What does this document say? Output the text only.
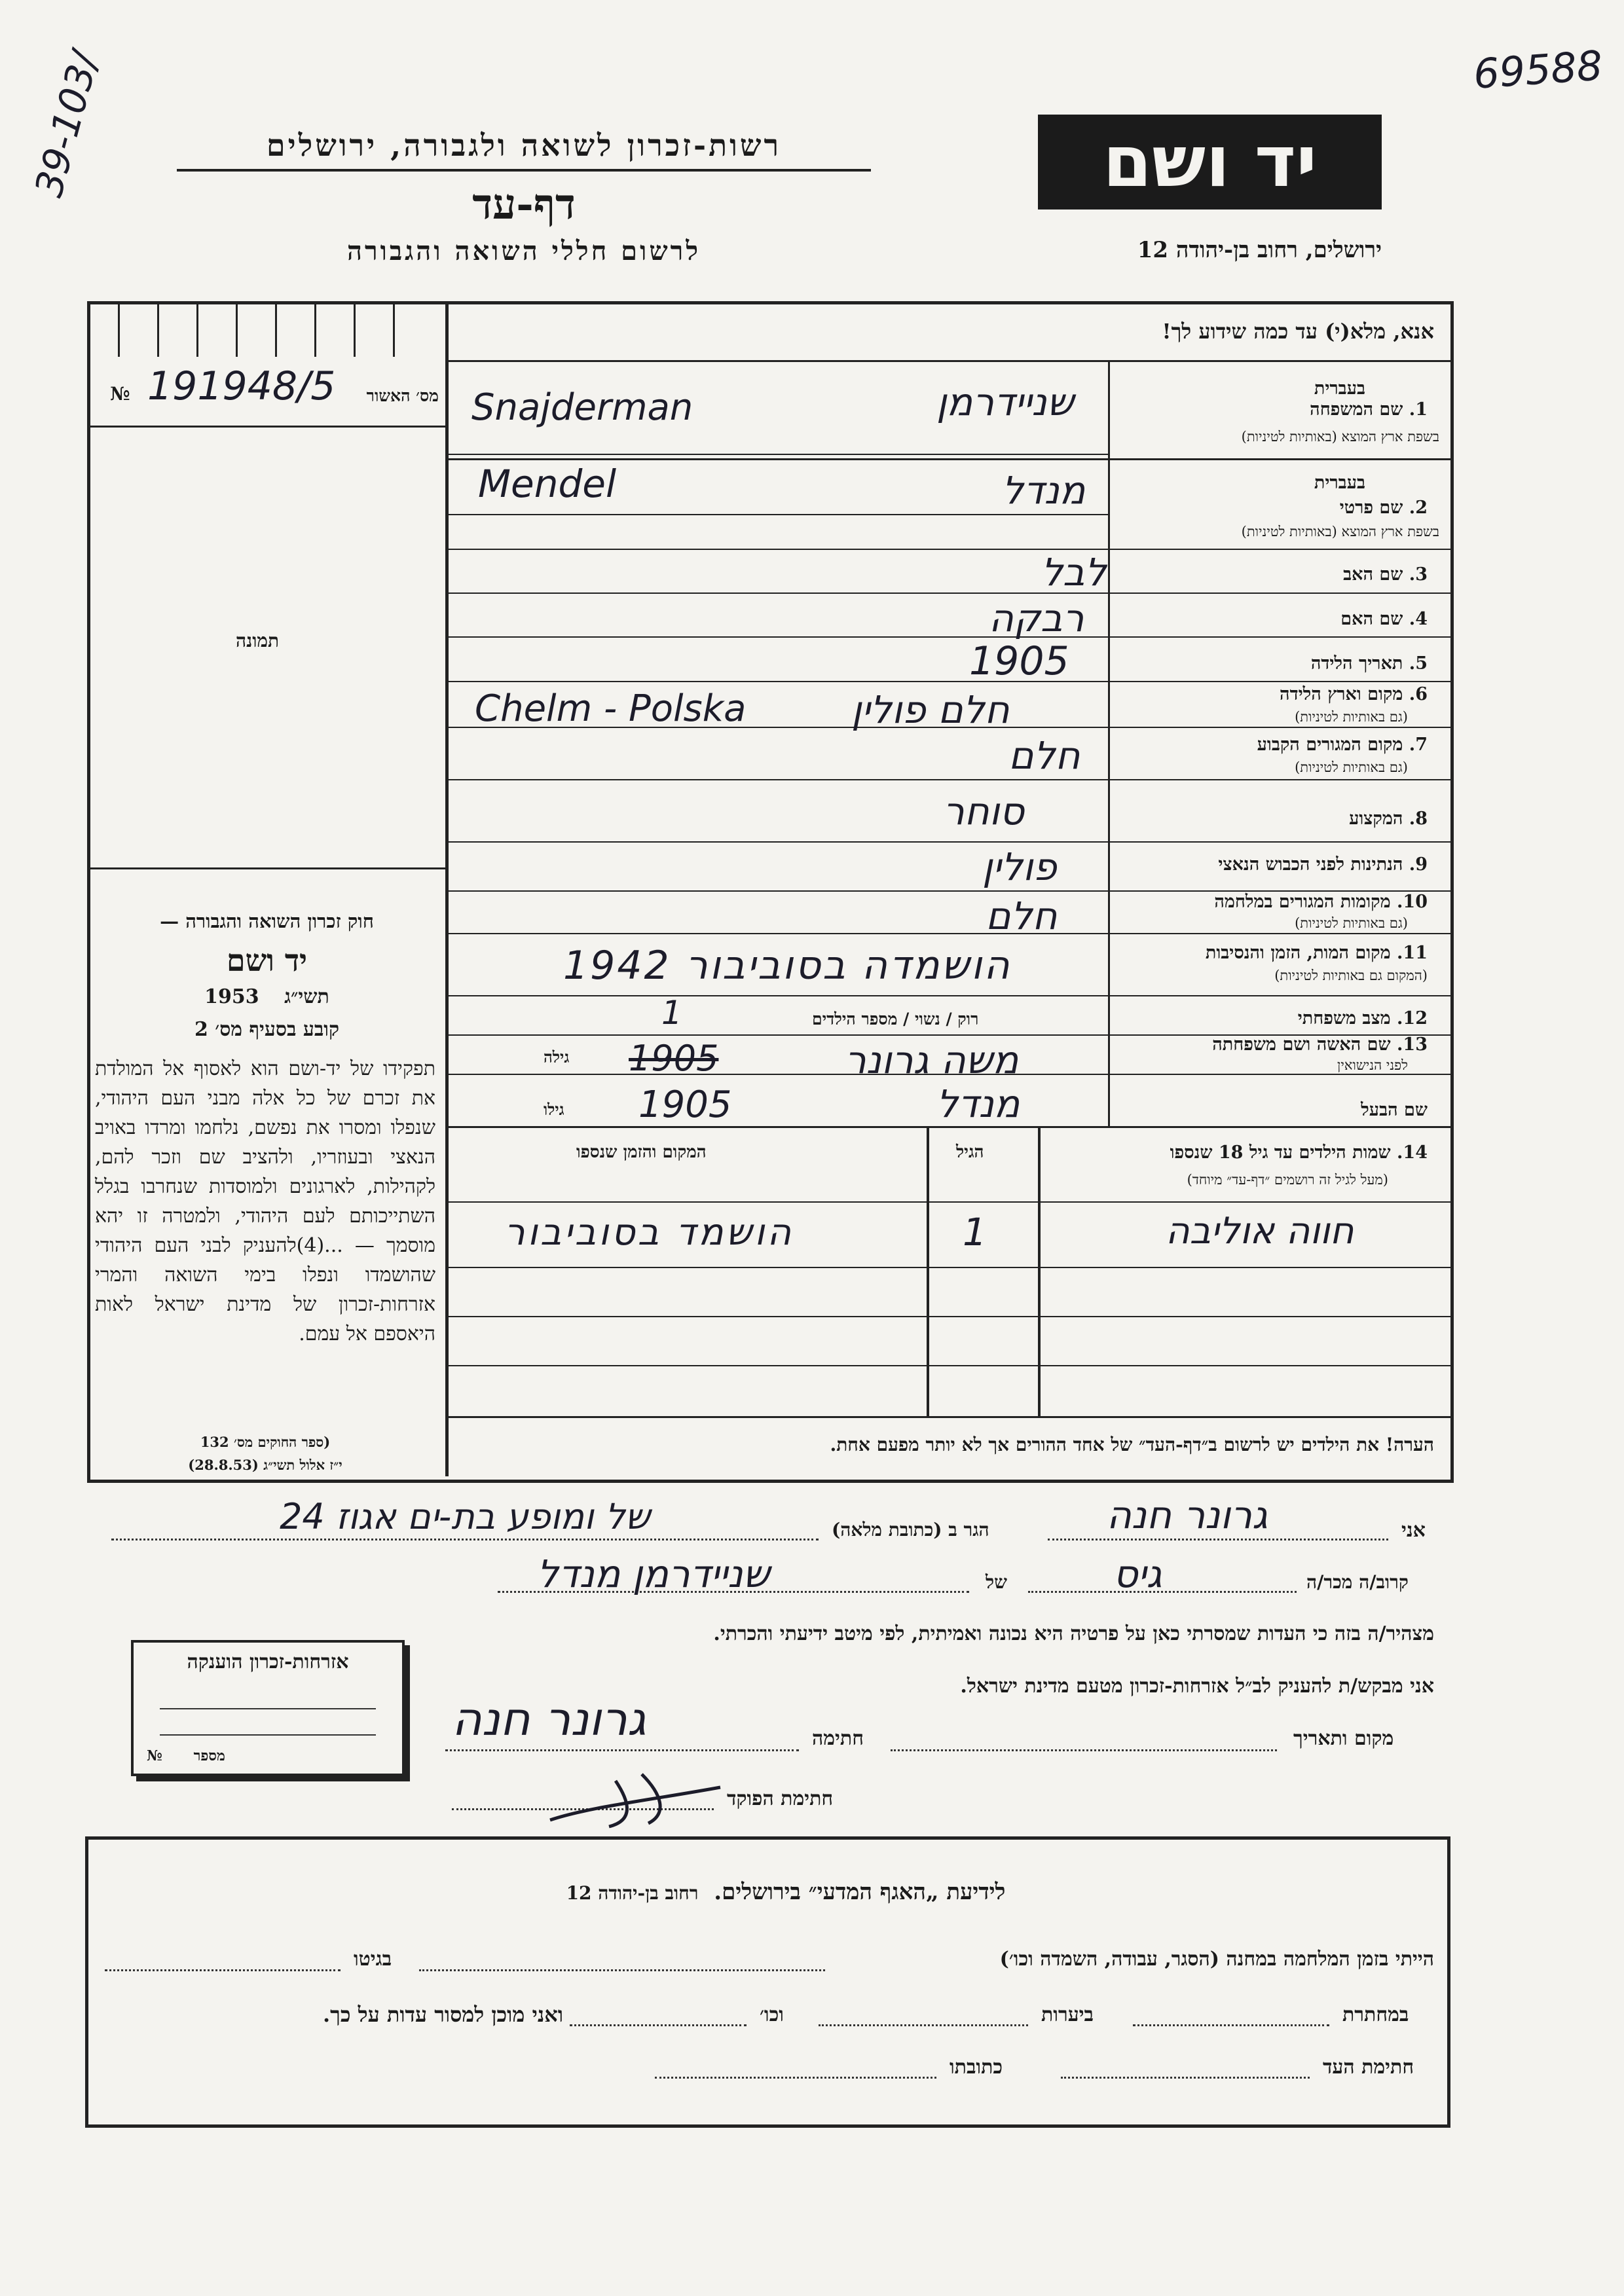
69588
39-103/	רשות-זכרון לשואה ולגבורה, ירושלים
דף-עד
לרשום חללי השואה והגבורה
יד ושם
ירושלים, רחוב בן-יהודה 12
אנא, מלא(י) עד כמה שידוע לך!
מס׳ האשור
№ 191948/5
תמונה
1. שם המשפחה
בשפת ארץ המוצא (באותיות לטיניות)
בעברית
שניידרמן
Snajderman
2. שם פרטי
בשפת ארץ המוצא (באותיות לטיניות)
בעברית
מנדל
Mendel
3. שם האב
לבל
4. שם האם
רבקה
5. תאריך הלידה
1905
6. מקום וארץ הלידה
(גם באותיות לטיניות)
חלם פולין
Chelm - Polska
7. מקום המגורים הקבוע
(גם באותיות לטיניות)
חלם
8. המקצוע
סוחר
9. הנתינות לפני הכבוש הנאצי
פולין
10. מקומות המגורים במלחמה
(גם באותיות לטיניות)
חלם
11. מקום המות, הזמן והנסיבות
(המקום גם באותיות לטיניות)
הושמדה בסוביבור 1942
12. מצב משפחתי
רוק / נשוי / מספר הילדים
1
13. שם האשה ושם משפחתה
לפני הנישואין
משה גרונר
גילה 1905
שם הבעל
מנדל
גילו 1905
14. שמות הילדים עד גיל 18 שנספו
(מעל לגיל זה רושמים ״דף-עד״ מיוחד)
הגיל
המקום והזמן שנספו
חווה אוליבה
1
הושמד בסוביבור
הערה! את הילדים יש לרשום ב״דף-העד״ של אחד ההורים אך לא יותר מפעם אחת.
חוק זכרון השואה והגבורה —
יד ושם
1953 תשי״ג
קובע בסעיף מס׳ 2
תפקידו של יד-ושם הוא לאסוף אל המולדת את זכרם של כל אלה מבני העם היהודי, שנפלו ומסרו את נפשם, נלחמו ומרדו באויב הנאצי ובעוזריו, ולהציב שם וזכר להם, לקהילות, לארגונים ולמוסדות שנחרבו בגלל השתייכותם לעם היהודי, ולמטרה זו יהא מוסמך — ...(4)להעניק לבני העם היהודי שהושמדו ונפלו בימי השואה והמרי אזרחות-זכרון של מדינת ישראל לאות היאספם אל עמם.
(ספר החוקים מס׳ 132
י״ז אלול תשי״ג (28.8.53)
אני
גרונר חנה
הגר ב (כתובת מלאה)
של ומופע בת-ים אגוז 24
קרוב/ה מכר/ה
גיס
של
שניידרמן מנדל
מצהיר/ה בזה כי העדות שמסרתי כאן על פרטיה היא נכונה ואמיתית, לפי מיטב ידיעתי והכרתי.
אני מבקש/ת להעניק לב״ל אזרחות-זכרון מטעם מדינת ישראל.
מקום ותאריך
חתימה
גרונר חנה
חתימת הפוקד
אזרחות-זכרון הוענקה
№ מספר
לידיעת „האגף המדעי״ בירושלים. רחוב בן-יהודה 12
הייתי בזמן המלחמה במחנה (הסגר, עבודה, השמדה וכו׳)
בגיטו
במחתרת
ביערות
וכו׳
ואני מוכן למסור עדות על כך.
חתימת העד
כתובתו
